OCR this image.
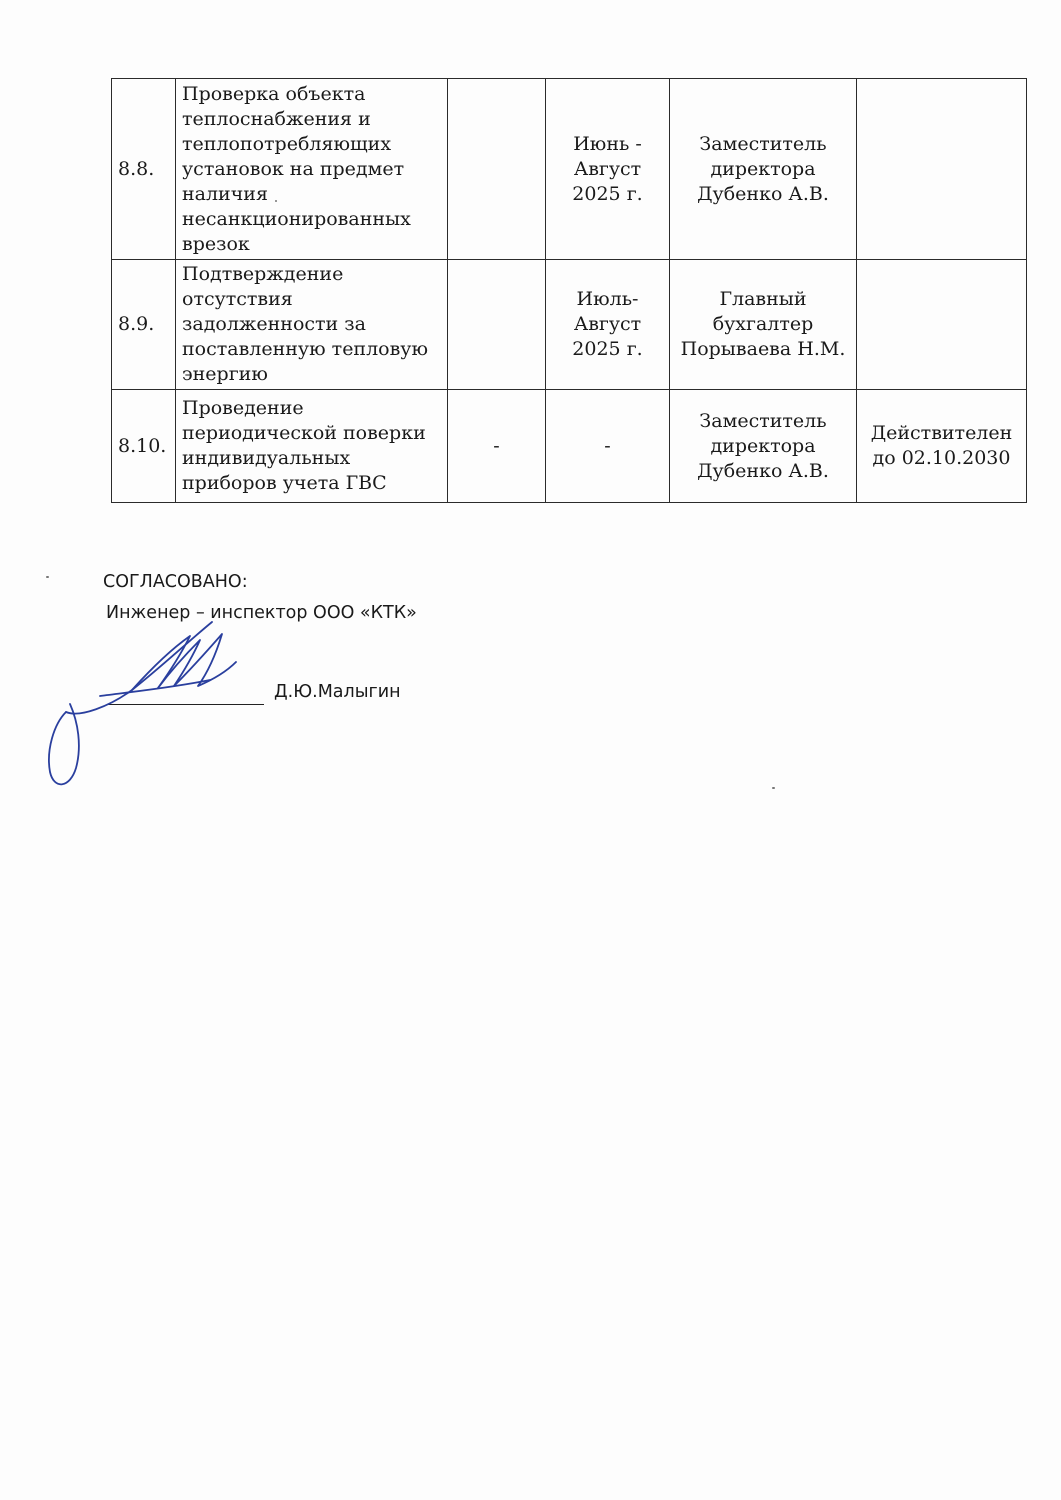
8.8.	Проверка объекта теплоснабжения и теплопотребляющих установок на предмет наличия несанкционированных врезок		Июнь - Август 2025 г.	Заместитель директора Дубенко А.В.	
8.9.	Подтверждение отсутствия задолженности за поставленную тепловую энергию		Июль- Август 2025 г.	Главный бухгалтер Порываева Н.М.	
8.10.	Проведение периодической поверки индивидуальных приборов учета ГВС	-	-	Заместитель директора Дубенко А.В.	Действителен до 02.10.2030
СОГЛАСОВАНО:
Инженер – инспектор ООО «КТК»
Д.Ю.Малыгин
